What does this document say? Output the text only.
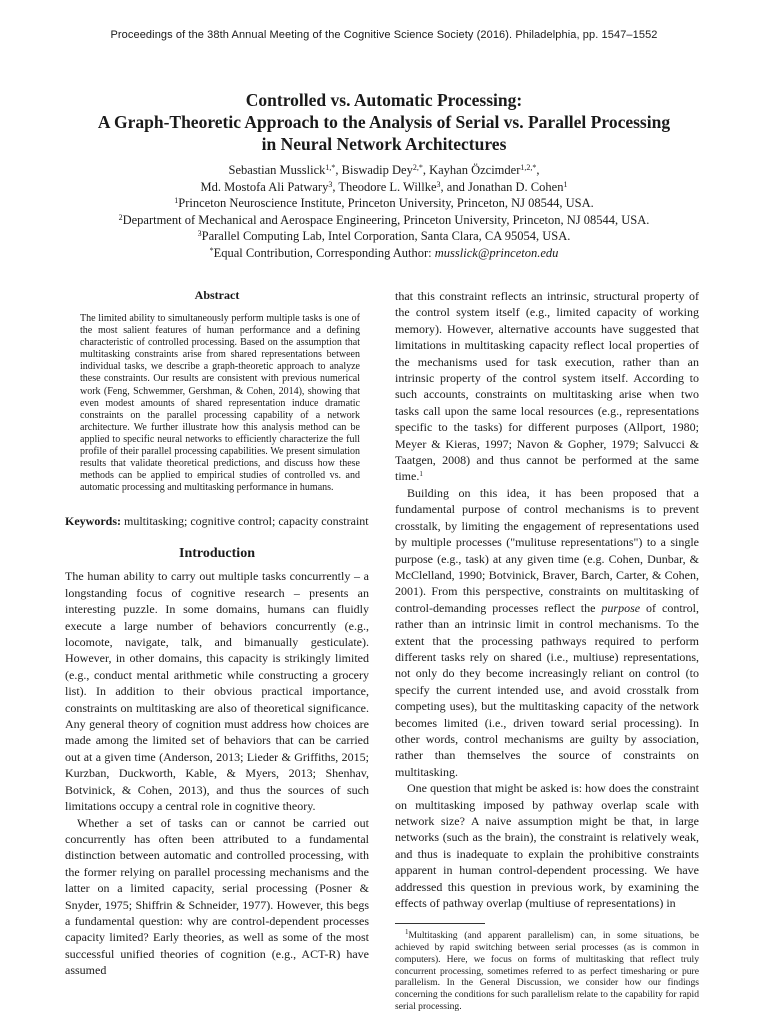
Proceedings of the 38th Annual Meeting of the Cognitive Science Society (2016). Philadelphia, pp. 1547–1552
Controlled vs. Automatic Processing:
A Graph-Theoretic Approach to the Analysis of Serial vs. Parallel Processing
in Neural Network Architectures
Sebastian Musslick$^{1,*}$, Biswadip Dey$^{2,*}$, Kayhan Özcimder$^{1,2,*}$,
Md. Mostofa Ali Patwary$^3$, Theodore L. Willke$^3$, and Jonathan D. Cohen$^1$
$^1$Princeton Neuroscience Institute, Princeton University, Princeton, NJ 08544, USA.
$^2$Department of Mechanical and Aerospace Engineering, Princeton University, Princeton, NJ 08544, USA.
$^3$Parallel Computing Lab, Intel Corporation, Santa Clara, CA 95054, USA.
*Equal Contribution, Corresponding Author: musslick@princeton.edu
Abstract

The limited ability to simultaneously perform multiple tasks is one of the most salient features of human performance and a defining characteristic of controlled processing. Based on the assumption that multitasking constraints arise from shared representations between individual tasks, we describe a graph-theoretic approach to analyze these constraints. Our results are consistent with previous numerical work (Feng, Schwemmer, Gershman, & Cohen, 2014), showing that even modest amounts of shared representation induce dramatic constraints on the parallel processing capability of a network architecture. We further illustrate how this analysis method can be applied to specific neural networks to efficiently characterize the full profile of their parallel processing capabilities. We present simulation results that validate theoretical predictions, and discuss how these methods can be applied to empirical studies of controlled vs. and automatic processing and multitasking performance in humans.

Keywords: multitasking; cognitive control; capacity constraint
Introduction

The human ability to carry out multiple tasks concurrently – a longstanding focus of cognitive research – presents an interesting puzzle. In some domains, humans can fluidly execute a large number of behaviors concurrently (e.g., locomote, navigate, talk, and bimanually gesticulate). However, in other domains, this capacity is strikingly limited (e.g., conduct mental arithmetic while constructing a grocery list). In addition to their obvious practical importance, constraints on multitasking are also of theoretical significance. Any general theory of cognition must address how choices are made among the limited set of behaviors that can be carried out at a given time (Anderson, 2013; Lieder & Griffiths, 2015; Kurzban, Duckworth, Kable, & Myers, 2013; Shenhav, Botvinick, & Cohen, 2013), and thus the sources of such limitations occupy a central role in cognitive theory.

Whether a set of tasks can or cannot be carried out concurrently has often been attributed to a fundamental distinction between automatic and controlled processing, with the former relying on parallel processing mechanisms and the latter on a limited capacity, serial processing (Posner & Snyder, 1975; Shiffrin & Schneider, 1977). However, this begs a fundamental question: why are control-dependent processes capacity limited? Early theories, as well as some of the most successful unified theories of cognition (e.g., ACT-R) have assumed

that this constraint reflects an intrinsic, structural property of the control system itself (e.g., limited capacity of working memory). However, alternative accounts have suggested that limitations in multitasking capacity reflect local properties of the mechanisms used for task execution, rather than an intrinsic property of the control system itself. According to such accounts, constraints on multitasking arise when two tasks call upon the same local resources (e.g., representations specific to the tasks) for different purposes (Allport, 1980; Meyer & Kieras, 1997; Navon & Gopher, 1979; Salvucci & Taatgen, 2008) and thus cannot be performed at the same time.$^1$

Building on this idea, it has been proposed that a fundamental purpose of control mechanisms is to prevent crosstalk, by limiting the engagement of representations used by multiple processes ("mulituse representations") to a single purpose (e.g., task) at any given time (e.g. Cohen, Dunbar, & McClelland, 1990; Botvinick, Braver, Barch, Carter, & Cohen, 2001). From this perspective, constraints on multitasking of control-demanding processes reflect the purpose of control, rather than an intrinsic limit in control mechanisms. To the extent that the processing pathways required to perform different tasks rely on shared (i.e., multiuse) representations, not only do they become increasingly reliant on control (to specify the current intended use, and avoid crosstalk from competing uses), but the multitasking capacity of the network becomes limited (i.e., driven toward serial processing). In other words, control mechanisms are guilty by association, rather than themselves the source of constraints on multitasking.

One question that might be asked is: how does the constraint on multitasking imposed by pathway overlap scale with network size? A naive assumption might be that, in large networks (such as the brain), the constraint is relatively weak, and thus is inadequate to explain the prohibitive constraints apparent in human control-dependent processing. We have addressed this question in previous work, by examining the effects of pathway overlap (multiuse of representations) in

$^1$Multitasking (and apparent parallelism) can, in some situations, be achieved by rapid switching between serial processes (as is common in computers). Here, we focus on forms of multitasking that reflect truly concurrent processing, sometimes referred to as perfect timesharing or pure parallelism. In the General Discussion, we consider how our findings concerning the conditions for such parallelism relate to the capability for rapid serial processing.
